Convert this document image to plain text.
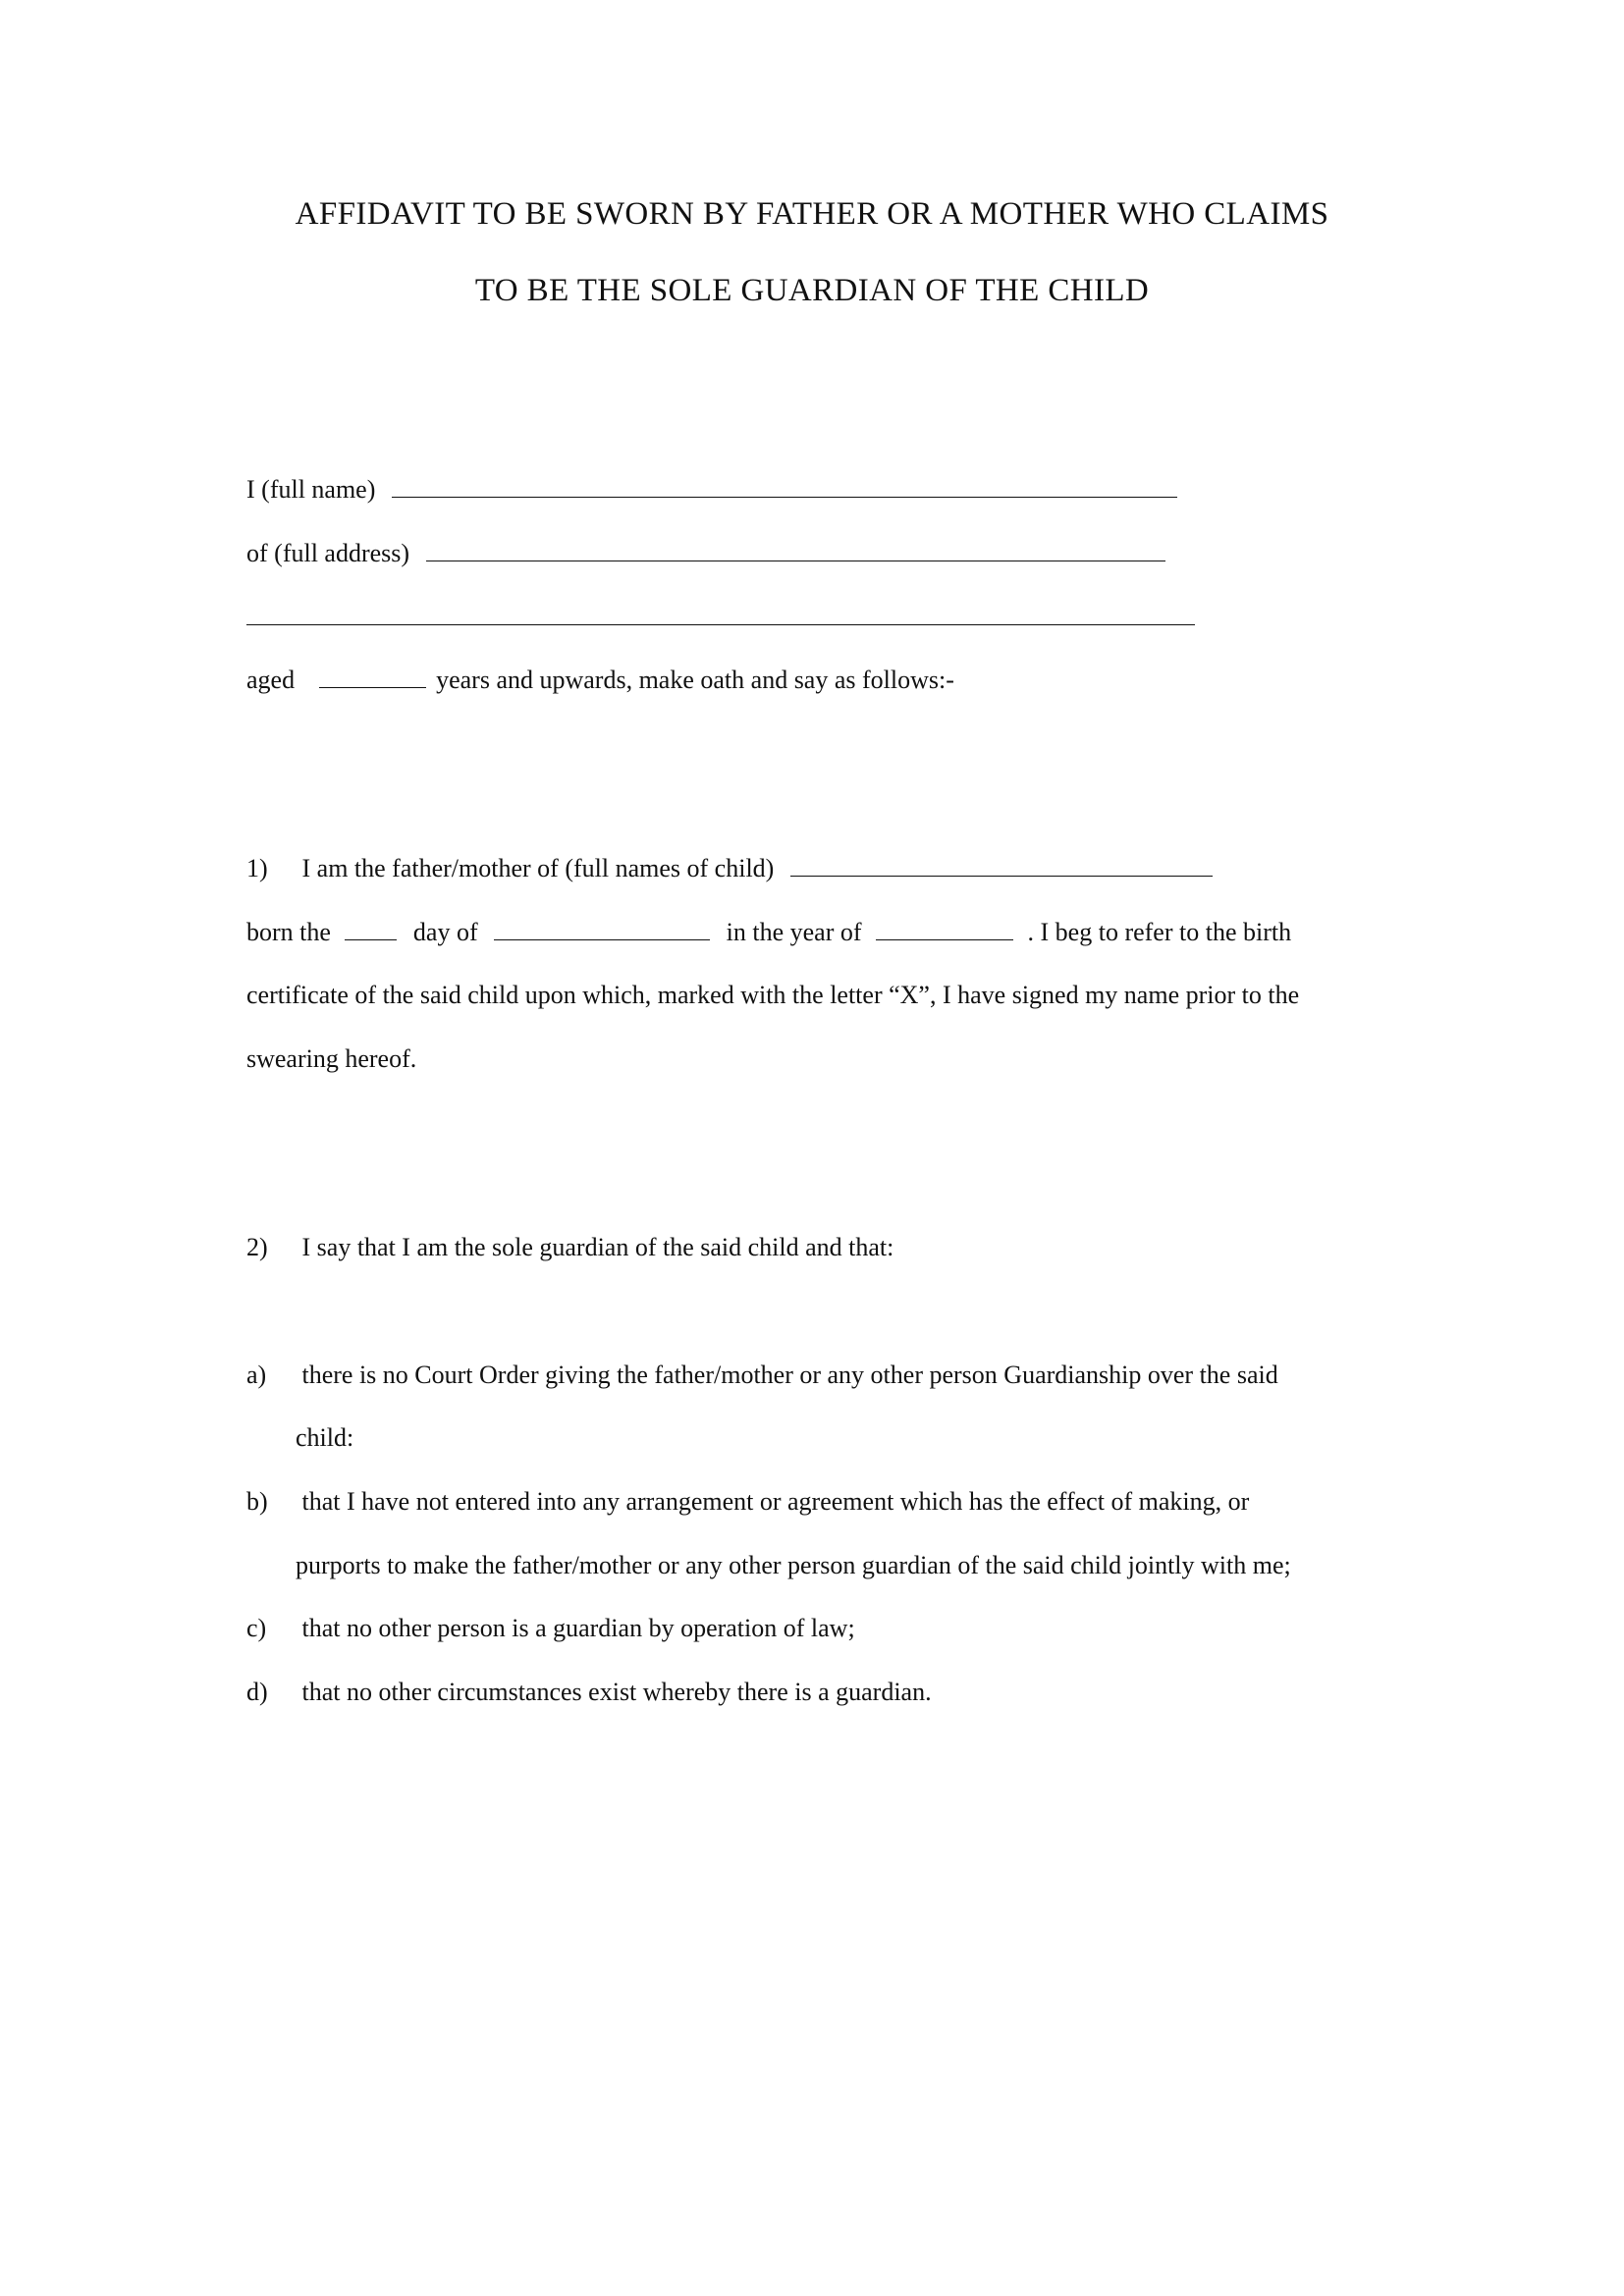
AFFIDAVIT TO BE SWORN BY FATHER OR A MOTHER WHO CLAIMS
TO BE THE SOLE GUARDIAN OF THE CHILD
I (full name)
of (full address)
aged	years and upwards, make oath and say as follows:-
1) I am the father/mother of (full names of child)
born the	day of	in the year of	. I beg to refer to the birth
certificate of the said child upon which, marked with the letter “X”, I have signed my name prior to the
swearing hereof.
2) I say that I am the sole guardian of the said child and that:
a) there is no Court Order giving the father/mother or any other person Guardianship over the said
child:
b) that I have not entered into any arrangement or agreement which has the effect of making, or
purports to make the father/mother or any other person guardian of the said child jointly with me;
c) that no other person is a guardian by operation of law;
d) that no other circumstances exist whereby there is a guardian.
